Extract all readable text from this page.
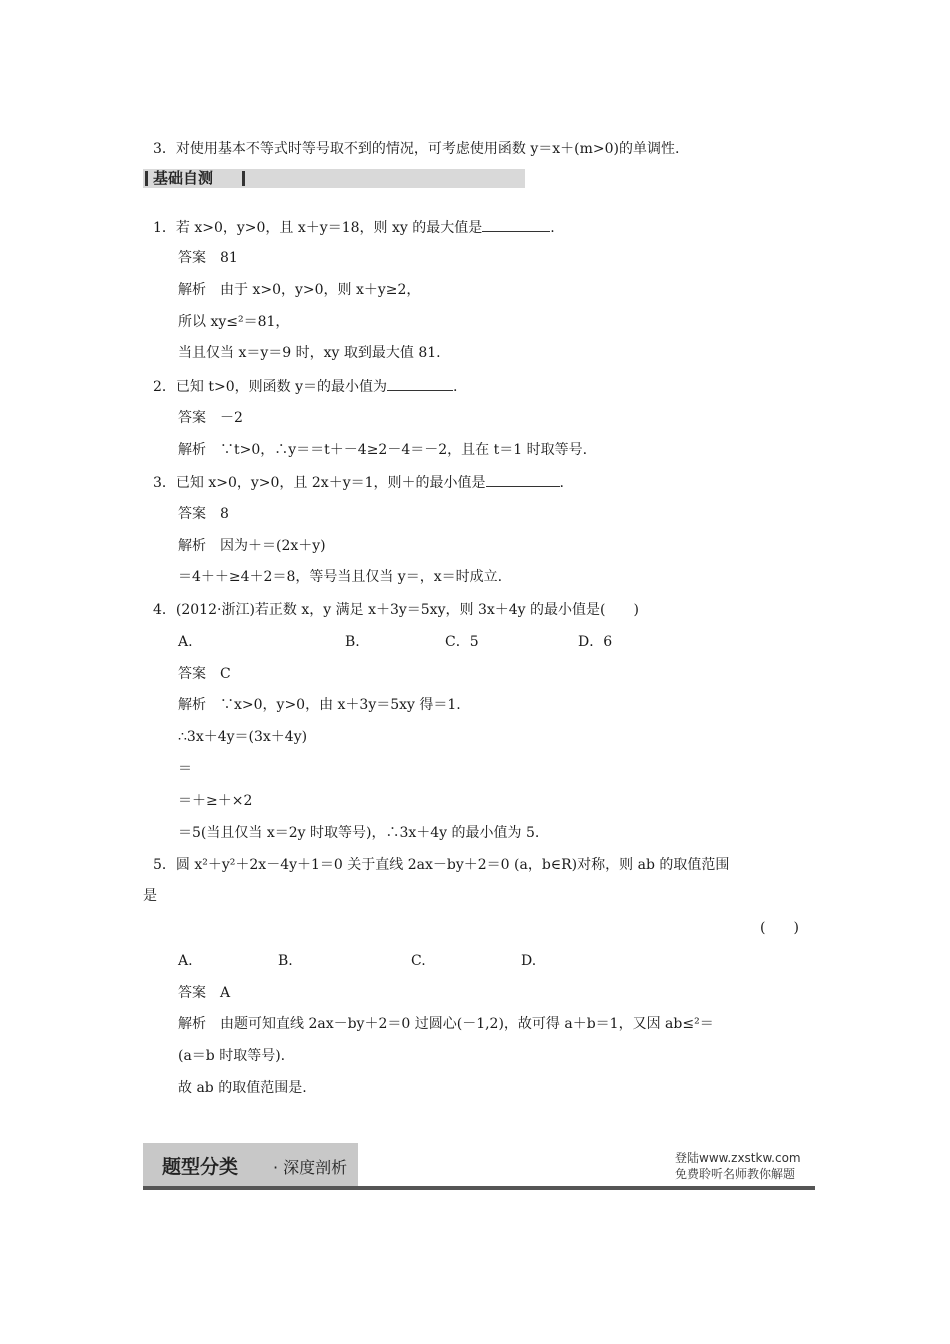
3．对使用基本不等式时等号取不到的情况，可考虑使用函数 y＝x＋(m>0)的单调性.
基础自测
1．若 x>0，y>0，且 x＋y＝18，则 xy 的最大值是	.
答案　81
解析　由于 x>0，y>0，则 x＋y≥2，
所以 xy≤²＝81，
当且仅当 x＝y＝9 时，xy 取到最大值 81.
2．已知 t>0，则函数 y＝的最小值为	.
答案　－2
解析　∵t>0，∴y＝＝t＋－4≥2－4＝－2，且在 t＝1 时取等号.
3．已知 x>0，y>0，且 2x＋y＝1，则＋的最小值是	.
答案　8
解析　因为＋＝(2x＋y)
＝4＋＋≥4＋2＝8，等号当且仅当 y＝，x＝时成立.
4．(2012·浙江)若正数 x，y 满足 x＋3y＝5xy，则 3x＋4y 的最小值是(　　)
A.	B.	C．5	D．6
答案　C
解析　∵x>0，y>0，由 x＋3y＝5xy 得＝1.
∴3x＋4y＝(3x＋4y)
＝
＝＋≥＋×2
＝5(当且仅当 x＝2y 时取等号)，∴3x＋4y 的最小值为 5.
5．圆 x²＋y²＋2x－4y＋1＝0 关于直线 2ax－by＋2＝0 (a，b∈R)对称，则 ab 的取值范围
是
(　　)
A.	B.	C.	D.
答案　A
解析　由题可知直线 2ax－by＋2＝0 过圆心(－1,2)，故可得 a＋b＝1，又因 ab≤²＝
(a＝b 时取等号).
故 ab 的取值范围是.
题型分类 · 深度剖析	登陆www.zxstkw.com
免费聆听名师教你解题
